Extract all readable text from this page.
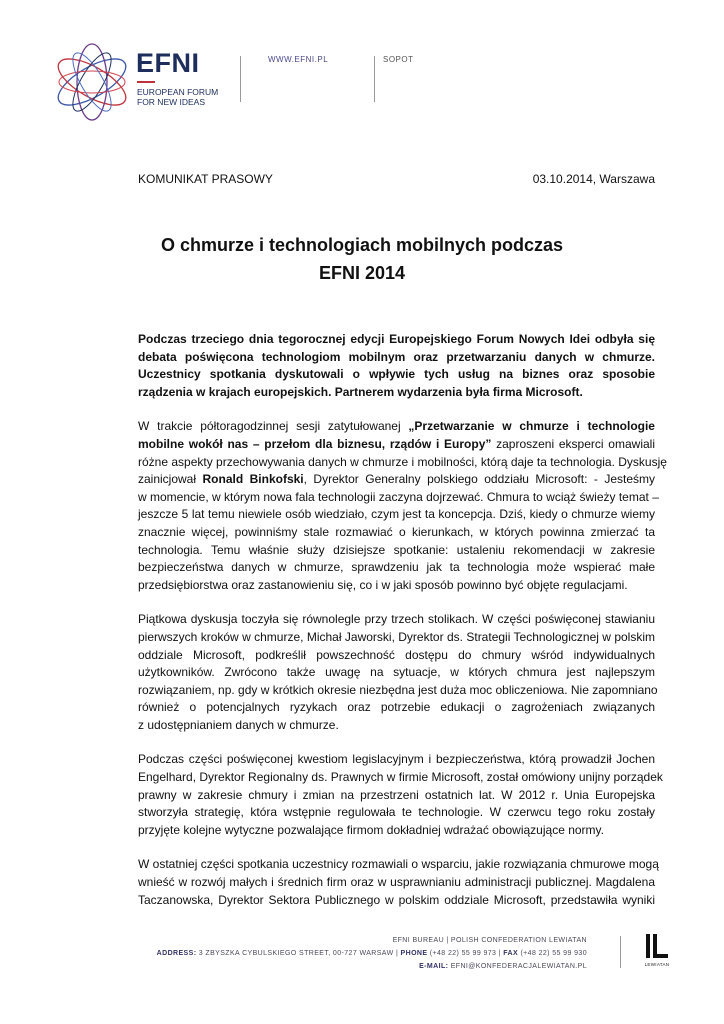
EFNI
EUROPEAN FORUM
FOR NEW IDEAS
WWW.EFNI.PL	SOPOT
KOMUNIKAT PRASOWY	03.10.2014, Warszawa
O chmurze i technologiach mobilnych podczas
EFNI 2014

Podczas trzeciego dnia tegorocznej edycji Europejskiego Forum Nowych Idei odbyła się
debata poświęcona technologiom mobilnym oraz przetwarzaniu danych w chmurze.
Uczestnicy spotkania dyskutowali o wpływie tych usług na biznes oraz sposobie
rządzenia w krajach europejskich. Partnerem wydarzenia była firma Microsoft.

W trakcie półtoragodzinnej sesji zatytułowanej „Przetwarzanie w chmurze i technologie
mobilne wokół nas – przełom dla biznesu, rządów i Europy” zaproszeni eksperci omawiali
różne aspekty przechowywania danych w chmurze i mobilności, którą daje ta technologia. Dyskusję
zainicjował Ronald Binkofski, Dyrektor Generalny polskiego oddziału Microsoft: - Jesteśmy
w momencie, w którym nowa fala technologii zaczyna dojrzewać. Chmura to wciąż świeży temat –
jeszcze 5 lat temu niewiele osób wiedziało, czym jest ta koncepcja. Dziś, kiedy o chmurze wiemy
znacznie więcej, powinniśmy stale rozmawiać o kierunkach, w których powinna zmierzać ta
technologia. Temu właśnie służy dzisiejsze spotkanie: ustaleniu rekomendacji w zakresie
bezpieczeństwa danych w chmurze, sprawdzeniu jak ta technologia może wspierać małe
przedsiębiorstwa oraz zastanowieniu się, co i w jaki sposób powinno być objęte regulacjami.

Piątkowa dyskusja toczyła się równolegle przy trzech stolikach. W części poświęconej stawianiu
pierwszych kroków w chmurze, Michał Jaworski, Dyrektor ds. Strategii Technologicznej w polskim
oddziale Microsoft, podkreślił powszechność dostępu do chmury wśród indywidualnych
użytkowników. Zwrócono także uwagę na sytuacje, w których chmura jest najlepszym
rozwiązaniem, np. gdy w krótkich okresie niezbędna jest duża moc obliczeniowa. Nie zapomniano
również o potencjalnych ryzykach oraz potrzebie edukacji o zagrożeniach związanych
z udostępnianiem danych w chmurze.

Podczas części poświęconej kwestiom legislacyjnym i bezpieczeństwa, którą prowadził Jochen
Engelhard, Dyrektor Regionalny ds. Prawnych w firmie Microsoft, został omówiony unijny porządek
prawny w zakresie chmury i zmian na przestrzeni ostatnich lat. W 2012 r. Unia Europejska
stworzyła strategię, która wstępnie regulowała te technologie. W czerwcu tego roku zostały
przyjęte kolejne wytyczne pozwalające firmom dokładniej wdrażać obowiązujące normy.

W ostatniej części spotkania uczestnicy rozmawiali o wsparciu, jakie rozwiązania chmurowe mogą
wnieść w rozwój małych i średnich firm oraz w usprawnianiu administracji publicznej. Magdalena
Taczanowska, Dyrektor Sektora Publicznego w polskim oddziale Microsoft, przedstawiła wyniki

EFNI BUREAU | POLISH CONFEDERATION LEWIATAN
ADDRESS: 3 ZBYSZKA CYBULSKIEGO STREET, 00-727 WARSAW | PHONE (+48 22) 55 99 973 | FAX (+48 22) 55 99 930
E-MAIL: EFNI@KONFEDERACJALEWIATAN.PL	LEWIATAN
